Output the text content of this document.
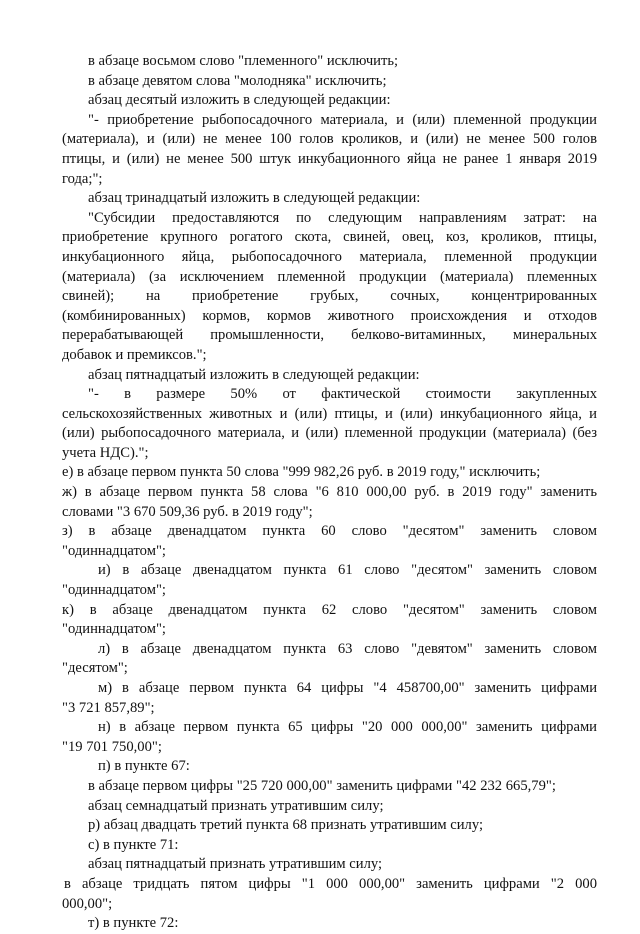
в абзаце восьмом слово "племенного" исключить;
в абзаце девятом слова "молодняка" исключить;
абзац десятый изложить в следующей редакции:
"- приобретение рыбопосадочного материала, и (или) племенной продукции
(материала), и (или) не менее 100 голов кроликов, и (или) не менее 500 голов
птицы, и (или) не менее 500 штук инкубационного яйца не ранее 1 января 2019
года;";
абзац тринадцатый изложить в следующей редакции:
"Субсидии предоставляются по следующим направлениям затрат: на
приобретение крупного рогатого скота, свиней, овец, коз, кроликов, птицы,
инкубационного яйца, рыбопосадочного материала, племенной продукции
(материала) (за исключением племенной продукции (материала) племенных
свиней); на приобретение грубых, сочных, концентрированных
(комбинированных) кормов, кормов животного происхождения и отходов
перерабатывающей промышленности, белково-витаминных, минеральных
добавок и премиксов.";
абзац пятнадцатый изложить в следующей редакции:
"- в размере 50% от фактической стоимости закупленных
сельскохозяйственных животных и (или) птицы, и (или) инкубационного яйца, и
(или) рыбопосадочного материала, и (или) племенной продукции (материала) (без
учета НДС).";
е) в абзаце первом пункта 50 слова "999 982,26 руб. в 2019 году," исключить;
ж) в абзаце первом пункта 58 слова "6 810 000,00 руб. в 2019 году" заменить
словами "3 670 509,36 руб. в 2019 году";
з) в абзаце двенадцатом пункта 60 слово "десятом" заменить словом
"одиннадцатом";
и) в абзаце двенадцатом пункта 61 слово "десятом" заменить словом
"одиннадцатом";
к) в абзаце двенадцатом пункта 62 слово "десятом" заменить словом
"одиннадцатом";
л) в абзаце двенадцатом пункта 63 слово "девятом" заменить словом
"десятом";
м) в абзаце первом пункта 64 цифры "4 458700,00" заменить цифрами
"3 721 857,89";
н) в абзаце первом пункта 65 цифры "20 000 000,00" заменить цифрами
"19 701 750,00";
п) в пункте 67:
в абзаце первом цифры "25 720 000,00" заменить цифрами "42 232 665,79";
абзац семнадцатый признать утратившим силу;
р) абзац двадцать третий пункта 68 признать утратившим силу;
с) в пункте 71:
абзац пятнадцатый признать утратившим силу;
в абзаце тридцать пятом цифры "1 000 000,00" заменить цифрами "2 000
000,00";
т) в пункте 72:
